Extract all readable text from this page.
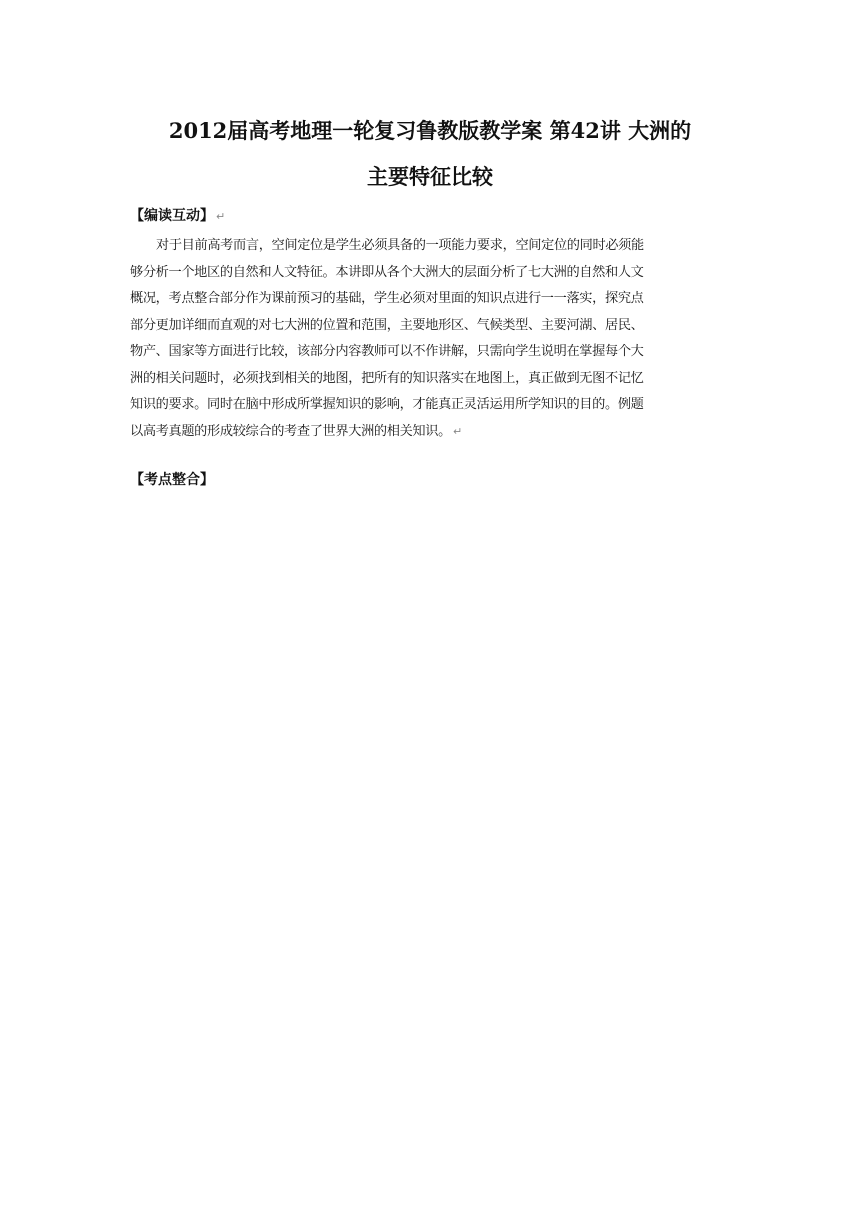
2012届高考地理一轮复习鲁教版教学案 第42讲 大洲的
主要特征比较
【编读互动】 ↵
对于目前高考而言，空间定位是学生必须具备的一项能力要求，空间定位的同时必须能
够分析一个地区的自然和人文特征。本讲即从各个大洲大的层面分析了七大洲的自然和人文
概况，考点整合部分作为课前预习的基础，学生必须对里面的知识点进行一一落实，探究点
部分更加详细而直观的对七大洲的位置和范围，主要地形区、气候类型、主要河湖、居民、
物产、国家等方面进行比较，该部分内容教师可以不作讲解，只需向学生说明在掌握每个大
洲的相关问题时，必须找到相关的地图，把所有的知识落实在地图上，真正做到无图不记忆
知识的要求。同时在脑中形成所掌握知识的影响，才能真正灵活运用所学知识的目的。例题
以高考真题的形成较综合的考查了世界大洲的相关知识。 ↵
【考点整合】
